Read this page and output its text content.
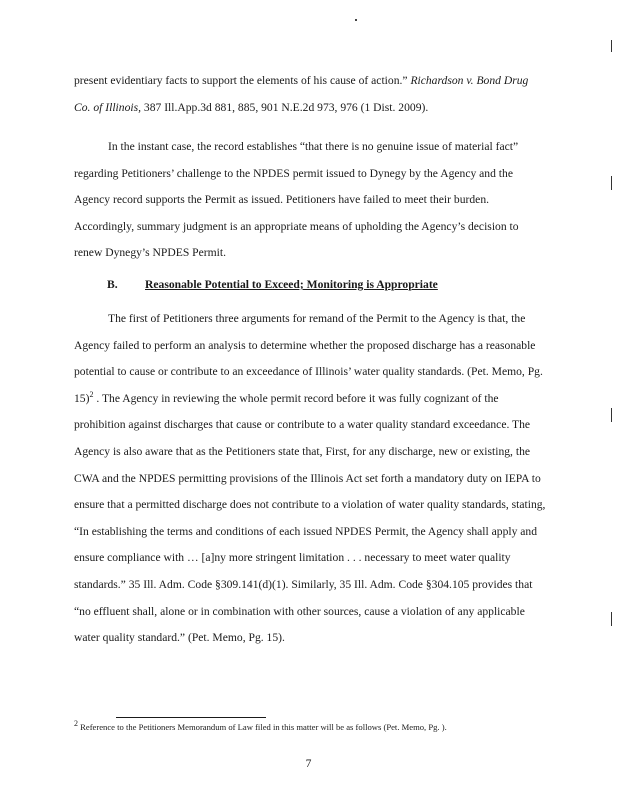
present evidentiary facts to support the elements of his cause of action.” Richardson v. Bond Drug Co. of Illinois, 387 Ill.App.3d 881, 885, 901 N.E.2d 973, 976 (1 Dist. 2009).

In the instant case, the record establishes “that there is no genuine issue of material fact” regarding Petitioners’ challenge to the NPDES permit issued to Dynegy by the Agency and the Agency record supports the Permit as issued. Petitioners have failed to meet their burden. Accordingly, summary judgment is an appropriate means of upholding the Agency’s decision to renew Dynegy’s NPDES Permit.

B. Reasonable Potential to Exceed; Monitoring is Appropriate

The first of Petitioners three arguments for remand of the Permit to the Agency is that, the Agency failed to perform an analysis to determine whether the proposed discharge has a reasonable potential to cause or contribute to an exceedance of Illinois’ water quality standards. (Pet. Memo, Pg. 15)$^2$ . The Agency in reviewing the whole permit record before it was fully cognizant of the prohibition against discharges that cause or contribute to a water quality standard exceedance. The Agency is also aware that as the Petitioners state that, First, for any discharge, new or existing, the CWA and the NPDES permitting provisions of the Illinois Act set forth a mandatory duty on IEPA to ensure that a permitted discharge does not contribute to a violation of water quality standards, stating, “In establishing the terms and conditions of each issued NPDES Permit, the Agency shall apply and ensure compliance with … [a]ny more stringent limitation . . . necessary to meet water quality standards.” 35 Ill. Adm. Code §309.141(d)(1). Similarly, 35 Ill. Adm. Code §304.105 provides that “no effluent shall, alone or in combination with other sources, cause a violation of any applicable water quality standard.” (Pet. Memo, Pg. 15).

$^2$ Reference to the Petitioners Memorandum of Law filed in this matter will be as follows (Pet. Memo, Pg. ).

7
